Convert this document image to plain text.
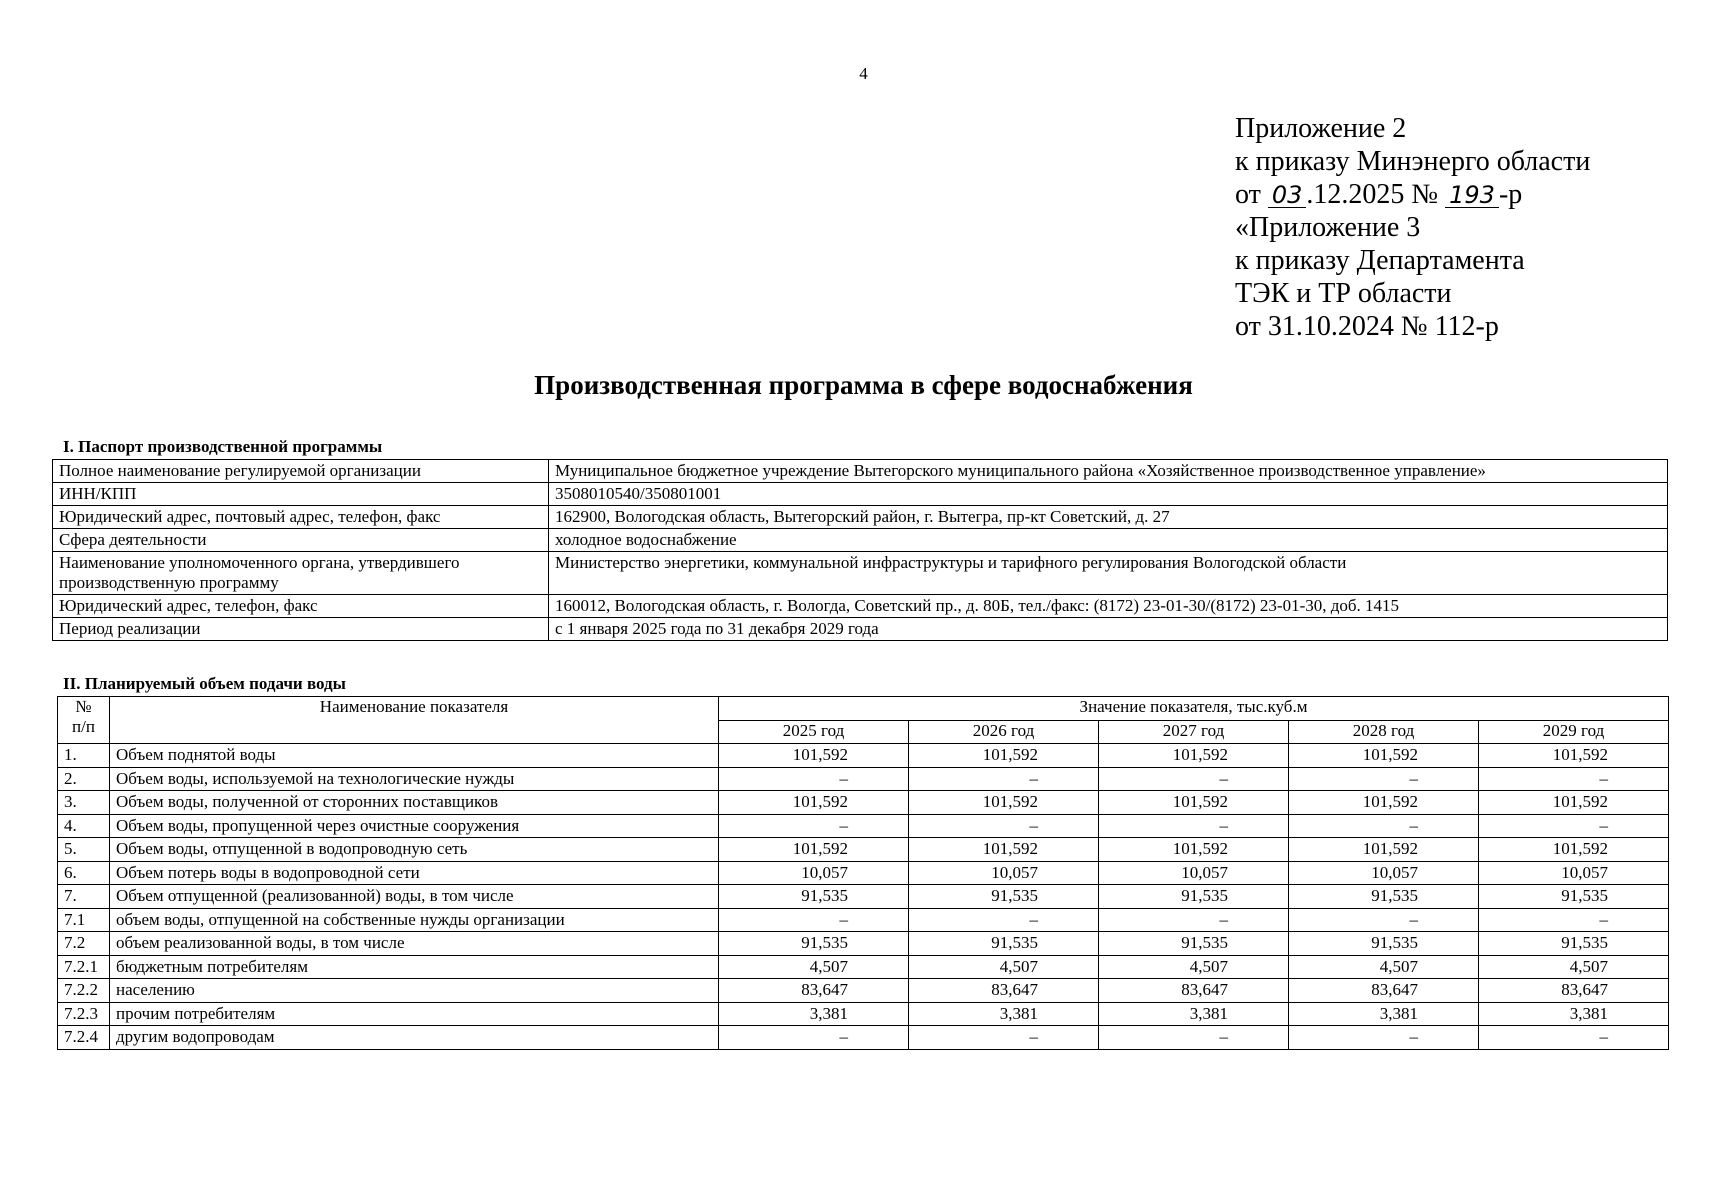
4
Приложение 2
к приказу Минэнерго области
от 03 .12.2025 № 193 -р
«Приложение 3
к приказу Департамента
ТЭК и ТР области
от 31.10.2024 № 112-р
Производственная программа в сфере водоснабжения
I. Паспорт производственной программы
Полное наименование регулируемой организации	Муниципальное бюджетное учреждение Вытегорского муниципального района «Хозяйственное производственное управление»
ИНН/КПП	3508010540/350801001
Юридический адрес, почтовый адрес, телефон, факс	162900, Вологодская область, Вытегорский район, г. Вытегра, пр-кт Советский, д. 27
Сфера деятельности	холодное водоснабжение
Наименование уполномоченного органа, утвердившего производственную программу	Министерство энергетики, коммунальной инфраструктуры и тарифного регулирования Вологодской области
Юридический адрес, телефон, факс	160012, Вологодская область, г. Вологда, Советский пр., д. 80Б, тел./факс: (8172) 23-01-30/(8172) 23-01-30, доб. 1415
Период реализации	с 1 января 2025 года по 31 декабря 2029 года
II. Планируемый объем подачи воды
№
п/п	Наименование показателя	Значение показателя, тыс.куб.м				
		2025 год	2026 год	2027 год	2028 год	2029 год
1.	Объем поднятой воды	101,592	101,592	101,592	101,592	101,592
2.	Объем воды, используемой на технологические нужды	–	–	–	–	–
3.	Объем воды, полученной от сторонних поставщиков	101,592	101,592	101,592	101,592	101,592
4.	Объем воды, пропущенной через очистные сооружения	–	–	–	–	–
5.	Объем воды, отпущенной в водопроводную сеть	101,592	101,592	101,592	101,592	101,592
6.	Объем потерь воды в водопроводной сети	10,057	10,057	10,057	10,057	10,057
7.	Объем отпущенной (реализованной) воды, в том числе	91,535	91,535	91,535	91,535	91,535
7.1	объем воды, отпущенной на собственные нужды организации	–	–	–	–	–
7.2	объем реализованной воды, в том числе	91,535	91,535	91,535	91,535	91,535
7.2.1	бюджетным потребителям	4,507	4,507	4,507	4,507	4,507
7.2.2	населению	83,647	83,647	83,647	83,647	83,647
7.2.3	прочим потребителям	3,381	3,381	3,381	3,381	3,381
7.2.4	другим водопроводам	–	–	–	–	–
